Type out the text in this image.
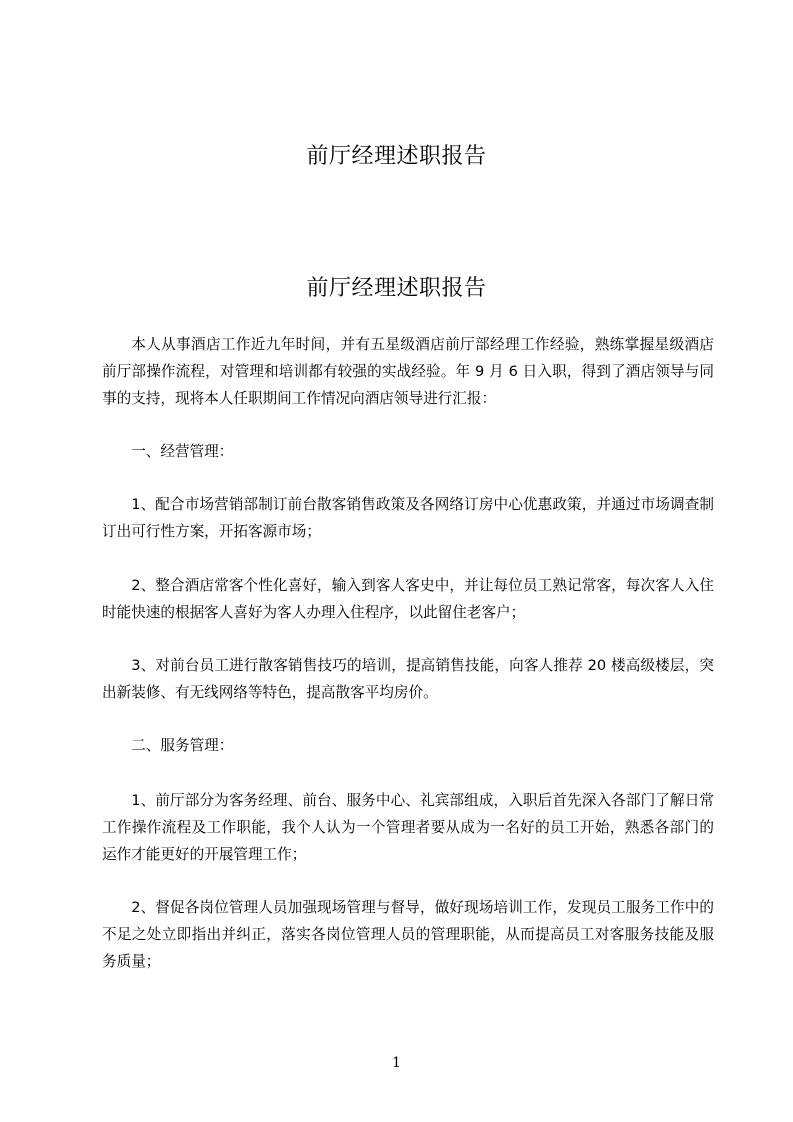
前厅经理述职报告
前厅经理述职报告
本人从事酒店工作近九年时间，并有五星级酒店前厅部经理工作经验，熟练掌握星级酒店前厅部操作流程，对管理和培训都有较强的实战经验。年 9 月 6 日入职，得到了酒店领导与同事的支持，现将本人任职期间工作情况向酒店领导进行汇报：
一、经营管理：
1、配合市场营销部制订前台散客销售政策及各网络订房中心优惠政策，并通过市场调查制订出可行性方案，开拓客源市场；
2、整合酒店常客个性化喜好，输入到客人客史中，并让每位员工熟记常客，每次客人入住时能快速的根据客人喜好为客人办理入住程序，以此留住老客户；
3、对前台员工进行散客销售技巧的培训，提高销售技能，向客人推荐 20 楼高级楼层，突出新装修、有无线网络等特色，提高散客平均房价。
二、服务管理：
1、前厅部分为客务经理、前台、服务中心、礼宾部组成，入职后首先深入各部门了解日常工作操作流程及工作职能，我个人认为一个管理者要从成为一名好的员工开始，熟悉各部门的运作才能更好的开展管理工作；
2、督促各岗位管理人员加强现场管理与督导，做好现场培训工作，发现员工服务工作中的不足之处立即指出并纠正，落实各岗位管理人员的管理职能，从而提高员工对客服务技能及服务质量；
1
